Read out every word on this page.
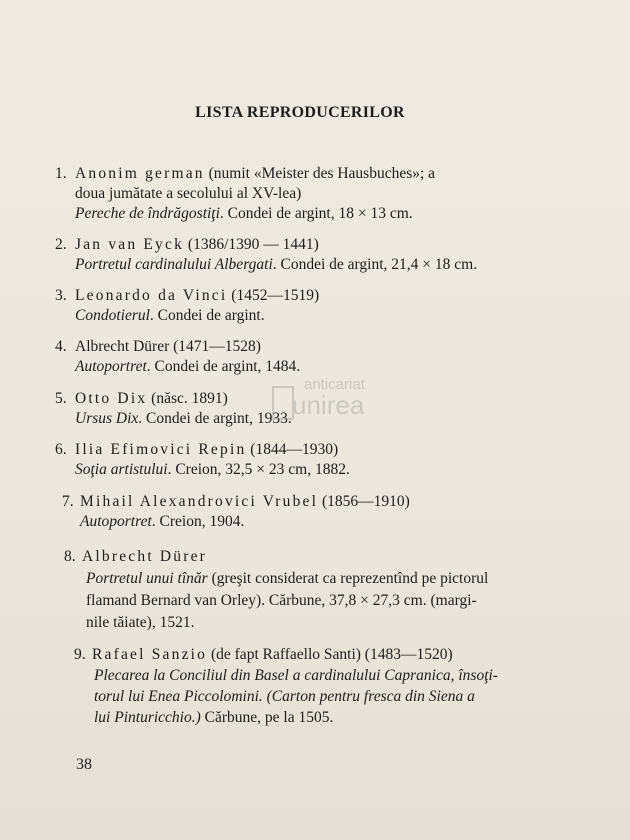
LISTA REPRODUCERILOR
1. Anonim german (numit «Meister des Hausbuches»; a
doua jumătate a secolului al XV-lea)
Pereche de îndrăgostiţi. Condei de argint, 18 × 13 cm.
2. Jan van Eyck (1386/1390 — 1441)
Portretul cardinalului Albergati. Condei de argint, 21,4 × 18 cm.
3. Leonardo da Vinci (1452—1519)
Condotierul. Condei de argint.
4. Albrecht Dürer (1471—1528)
Autoportret. Condei de argint, 1484.
5. Otto Dix (născ. 1891)
Ursus Dix. Condei de argint, 1933.
6. Ilia Efimovici Repin (1844—1930)
Soţia artistului. Creion, 32,5 × 23 cm, 1882.
7. Mihail Alexandrovici Vrubel (1856—1910)
Autoportret. Creion, 1904.
8. Albrecht Dürer
Portretul unui tînăr (greşit considerat ca reprezentînd pe pictorul
flamand Bernard van Orley). Cărbune, 37,8 × 27,3 cm. (margi-
nile tăiate), 1521.
9. Rafael Sanzio (de fapt Raffaello Santi) (1483—1520)
Plecarea la Conciliul din Basel a cardinalului Capranica, însoţi-
torul lui Enea Piccolomini. (Carton pentru fresca din Siena a
lui Pinturicchio.) Cărbune, pe la 1505.
anticariat
unirea
38
